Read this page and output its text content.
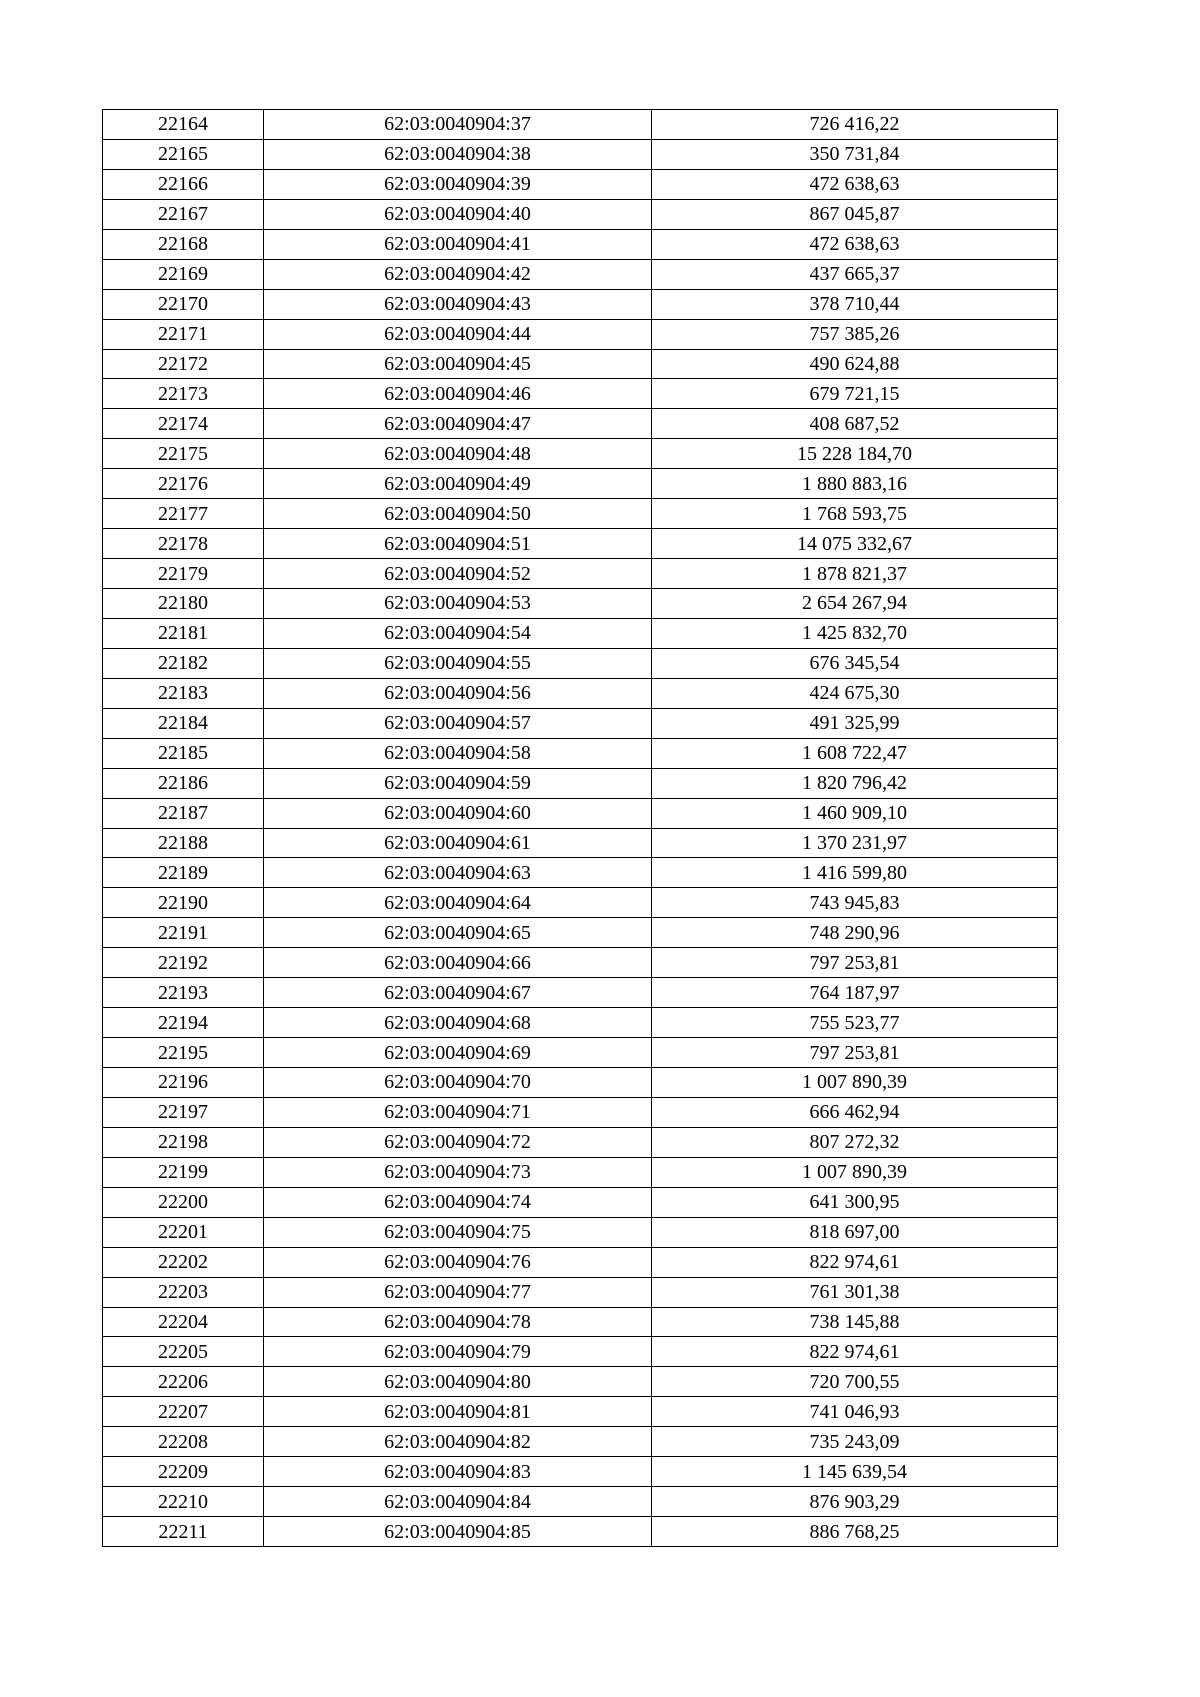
22164	62:03:0040904:37	726 416,22
22165	62:03:0040904:38	350 731,84
22166	62:03:0040904:39	472 638,63
22167	62:03:0040904:40	867 045,87
22168	62:03:0040904:41	472 638,63
22169	62:03:0040904:42	437 665,37
22170	62:03:0040904:43	378 710,44
22171	62:03:0040904:44	757 385,26
22172	62:03:0040904:45	490 624,88
22173	62:03:0040904:46	679 721,15
22174	62:03:0040904:47	408 687,52
22175	62:03:0040904:48	15 228 184,70
22176	62:03:0040904:49	1 880 883,16
22177	62:03:0040904:50	1 768 593,75
22178	62:03:0040904:51	14 075 332,67
22179	62:03:0040904:52	1 878 821,37
22180	62:03:0040904:53	2 654 267,94
22181	62:03:0040904:54	1 425 832,70
22182	62:03:0040904:55	676 345,54
22183	62:03:0040904:56	424 675,30
22184	62:03:0040904:57	491 325,99
22185	62:03:0040904:58	1 608 722,47
22186	62:03:0040904:59	1 820 796,42
22187	62:03:0040904:60	1 460 909,10
22188	62:03:0040904:61	1 370 231,97
22189	62:03:0040904:63	1 416 599,80
22190	62:03:0040904:64	743 945,83
22191	62:03:0040904:65	748 290,96
22192	62:03:0040904:66	797 253,81
22193	62:03:0040904:67	764 187,97
22194	62:03:0040904:68	755 523,77
22195	62:03:0040904:69	797 253,81
22196	62:03:0040904:70	1 007 890,39
22197	62:03:0040904:71	666 462,94
22198	62:03:0040904:72	807 272,32
22199	62:03:0040904:73	1 007 890,39
22200	62:03:0040904:74	641 300,95
22201	62:03:0040904:75	818 697,00
22202	62:03:0040904:76	822 974,61
22203	62:03:0040904:77	761 301,38
22204	62:03:0040904:78	738 145,88
22205	62:03:0040904:79	822 974,61
22206	62:03:0040904:80	720 700,55
22207	62:03:0040904:81	741 046,93
22208	62:03:0040904:82	735 243,09
22209	62:03:0040904:83	1 145 639,54
22210	62:03:0040904:84	876 903,29
22211	62:03:0040904:85	886 768,25
